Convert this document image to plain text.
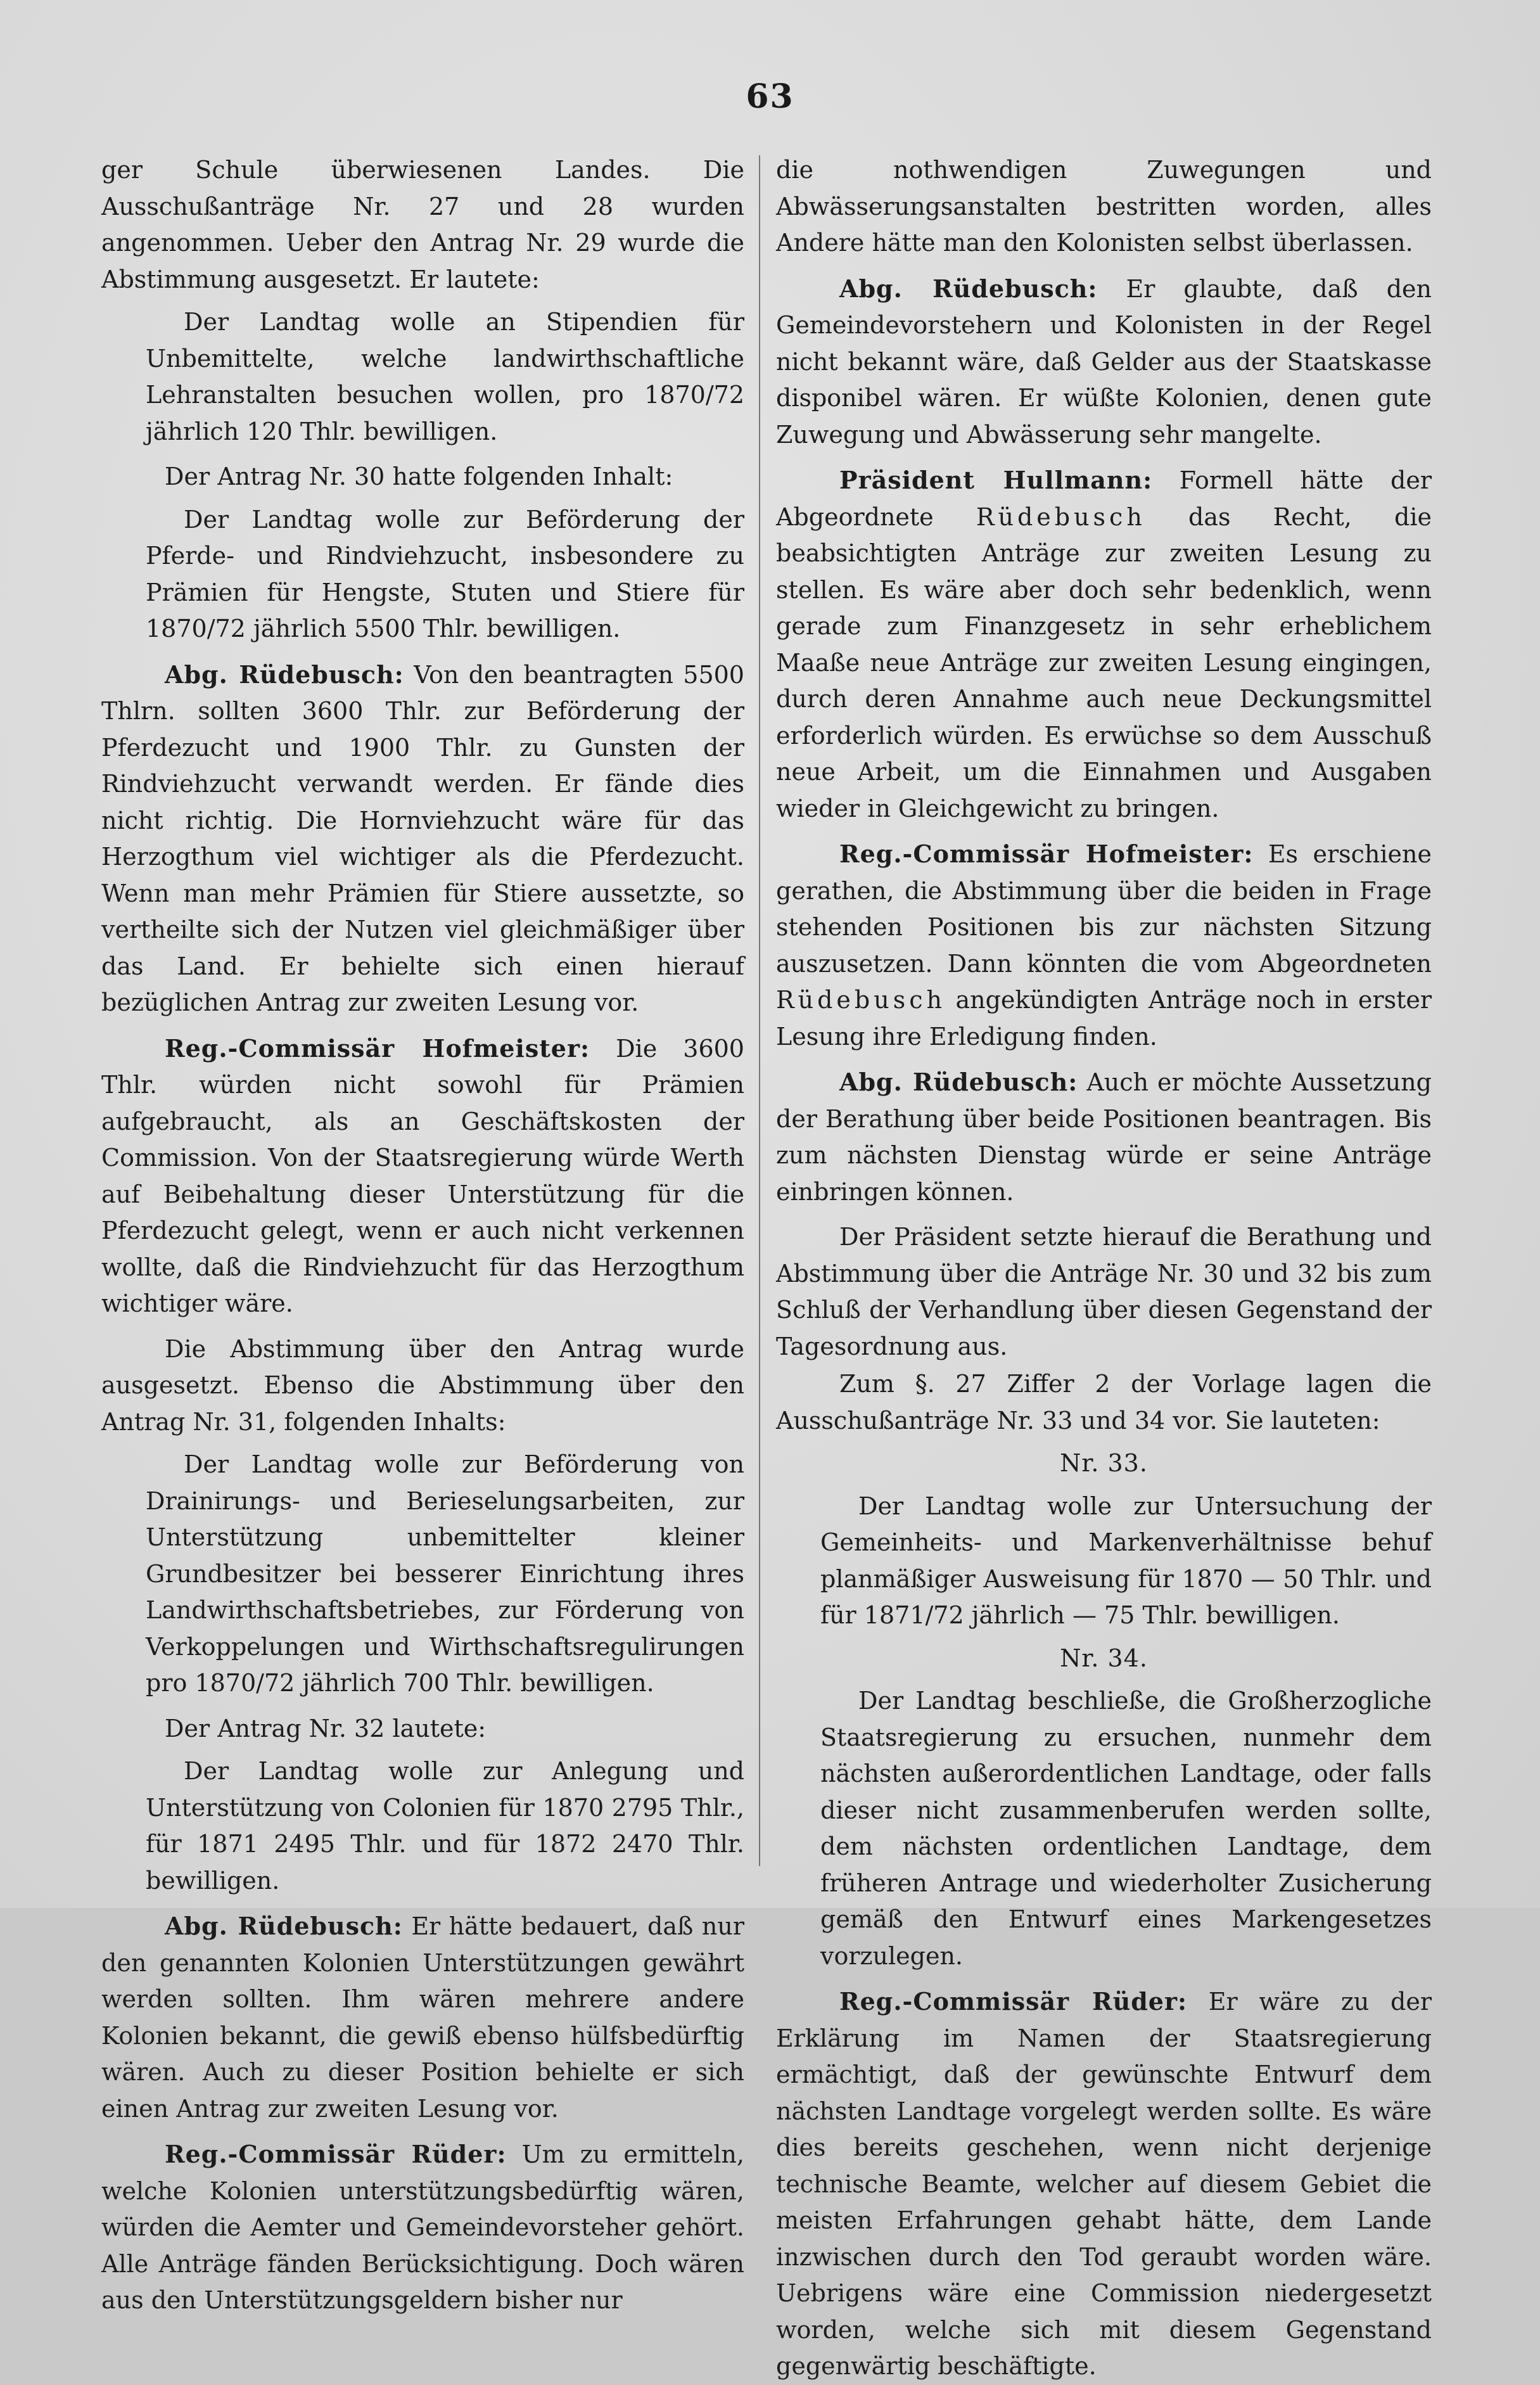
63

ger Schule überwiesenen Landes. Die Ausschußanträge Nr. 27 und 28 wurden angenommen. Ueber den Antrag Nr. 29 wurde die Abstimmung ausgesetzt. Er lautete:

Der Landtag wolle an Stipendien für Unbemittelte, welche landwirthschaftliche Lehranstalten besuchen wollen, pro 1870/72 jährlich 120 Thlr. bewilligen.

Der Antrag Nr. 30 hatte folgenden Inhalt:

Der Landtag wolle zur Beförderung der Pferde- und Rindviehzucht, insbesondere zu Prämien für Hengste, Stuten und Stiere für 1870/72 jährlich 5500 Thlr. bewilligen.

Abg. Rüdebusch: Von den beantragten 5500 Thlrn. sollten 3600 Thlr. zur Beförderung der Pferdezucht und 1900 Thlr. zu Gunsten der Rindviehzucht verwandt werden. Er fände dies nicht richtig. Die Hornviehzucht wäre für das Herzogthum viel wichtiger als die Pferdezucht. Wenn man mehr Prämien für Stiere aussetzte, so vertheilte sich der Nutzen viel gleichmäßiger über das Land. Er behielte sich einen hierauf bezüglichen Antrag zur zweiten Lesung vor.

Reg.-Commissär Hofmeister: Die 3600 Thlr. würden nicht sowohl für Prämien aufgebraucht, als an Geschäftskosten der Commission. Von der Staatsregierung würde Werth auf Beibehaltung dieser Unterstützung für die Pferdezucht gelegt, wenn er auch nicht verkennen wollte, daß die Rindviehzucht für das Herzogthum wichtiger wäre.

Die Abstimmung über den Antrag wurde ausgesetzt. Ebenso die Abstimmung über den Antrag Nr. 31, folgenden Inhalts:

Der Landtag wolle zur Beförderung von Drainirungs- und Berieselungsarbeiten, zur Unterstützung unbemittelter kleiner Grundbesitzer bei besserer Einrichtung ihres Landwirthschaftsbetriebes, zur Förderung von Verkoppelungen und Wirthschaftsregulirungen pro 1870/72 jährlich 700 Thlr. bewilligen.

Der Antrag Nr. 32 lautete:

Der Landtag wolle zur Anlegung und Unterstützung von Colonien für 1870 2795 Thlr., für 1871 2495 Thlr. und für 1872 2470 Thlr. bewilligen.

Abg. Rüdebusch: Er hätte bedauert, daß nur den genannten Kolonien Unterstützungen gewährt werden sollten. Ihm wären mehrere andere Kolonien bekannt, die gewiß ebenso hülfsbedürftig wären. Auch zu dieser Position behielte er sich einen Antrag zur zweiten Lesung vor.

Reg.-Commissär Rüder: Um zu ermitteln, welche Kolonien unterstützungsbedürftig wären, würden die Aemter und Gemeindevorsteher gehört. Alle Anträge fänden Berücksichtigung. Doch wären aus den Unterstützungsgeldern bisher nur

die nothwendigen Zuwegungen und Abwässerungsanstalten bestritten worden, alles Andere hätte man den Kolonisten selbst überlassen.

Abg. Rüdebusch: Er glaubte, daß den Gemeindevorstehern und Kolonisten in der Regel nicht bekannt wäre, daß Gelder aus der Staatskasse disponibel wären. Er wüßte Kolonien, denen gute Zuwegung und Abwässerung sehr mangelte.

Präsident Hullmann: Formell hätte der Abgeordnete Rüdebusch das Recht, die beabsichtigten Anträge zur zweiten Lesung zu stellen. Es wäre aber doch sehr bedenklich, wenn gerade zum Finanzgesetz in sehr erheblichem Maaße neue Anträge zur zweiten Lesung eingingen, durch deren Annahme auch neue Deckungsmittel erforderlich würden. Es erwüchse so dem Ausschuß neue Arbeit, um die Einnahmen und Ausgaben wieder in Gleichgewicht zu bringen.

Reg.-Commissär Hofmeister: Es erschiene gerathen, die Abstimmung über die beiden in Frage stehenden Positionen bis zur nächsten Sitzung auszusetzen. Dann könnten die vom Abgeordneten Rüdebusch angekündigten Anträge noch in erster Lesung ihre Erledigung finden.

Abg. Rüdebusch: Auch er möchte Aussetzung der Berathung über beide Positionen beantragen. Bis zum nächsten Dienstag würde er seine Anträge einbringen können.

Der Präsident setzte hierauf die Berathung und Abstimmung über die Anträge Nr. 30 und 32 bis zum Schluß der Verhandlung über diesen Gegenstand der Tagesordnung aus.

Zum §. 27 Ziffer 2 der Vorlage lagen die Ausschußanträge Nr. 33 und 34 vor. Sie lauteten:

Nr. 33.

Der Landtag wolle zur Untersuchung der Gemeinheits- und Markenverhältnisse behuf planmäßiger Ausweisung für 1870 — 50 Thlr. und für 1871/72 jährlich — 75 Thlr. bewilligen.

Nr. 34.

Der Landtag beschließe, die Großherzogliche Staatsregierung zu ersuchen, nunmehr dem nächsten außerordentlichen Landtage, oder falls dieser nicht zusammenberufen werden sollte, dem nächsten ordentlichen Landtage, dem früheren Antrage und wiederholter Zusicherung gemäß den Entwurf eines Markengesetzes vorzulegen.

Reg.-Commissär Rüder: Er wäre zu der Erklärung im Namen der Staatsregierung ermächtigt, daß der gewünschte Entwurf dem nächsten Landtage vorgelegt werden sollte. Es wäre dies bereits geschehen, wenn nicht derjenige technische Beamte, welcher auf diesem Gebiet die meisten Erfahrungen gehabt hätte, dem Lande inzwischen durch den Tod geraubt worden wäre. Uebrigens wäre eine Commission niedergesetzt worden, welche sich mit diesem Gegenstand gegenwärtig beschäftigte.
